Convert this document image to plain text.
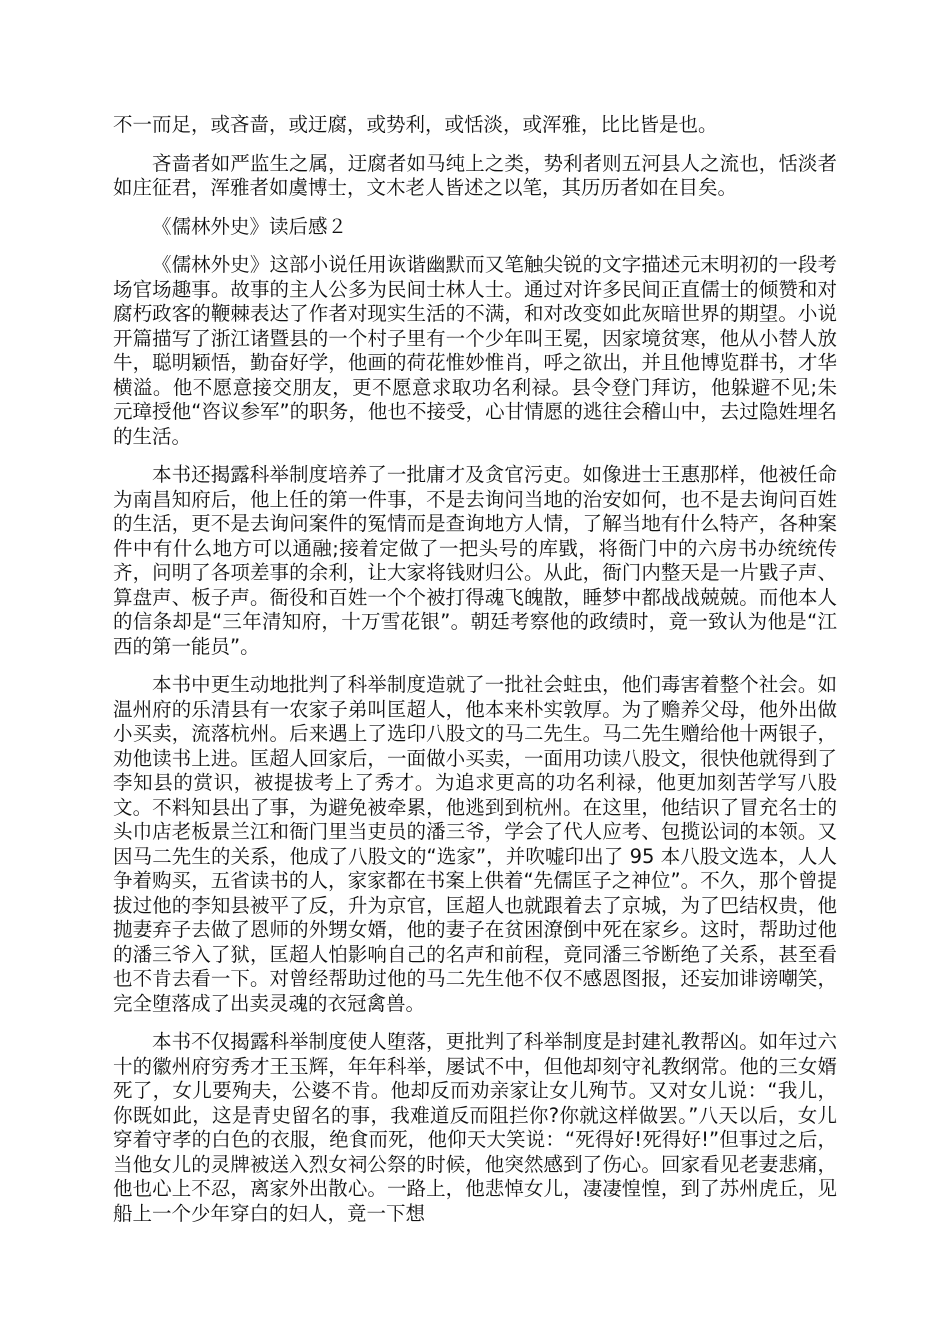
不一而足，或吝啬，或迂腐，或势利，或恬淡，或浑雅，比比皆是也。

吝啬者如严监生之属，迂腐者如马纯上之类，势利者则五河县人之流也，恬淡者如庄征君，浑雅者如虞博士，文木老人皆述之以笔，其历历者如在目矣。

《儒林外史》读后感２

《儒林外史》这部小说任用诙谐幽默而又笔触尖锐的文字描述元末明初的一段考场官场趣事。故事的主人公多为民间士林人士。通过对许多民间正直儒士的倾赞和对腐朽政客的鞭棘表达了作者对现实生活的不满，和对改变如此灰暗世界的期望。小说开篇描写了浙江诸暨县的一个村子里有一个少年叫王冕，因家境贫寒，他从小替人放牛，聪明颖悟，勤奋好学，他画的荷花惟妙惟肖，呼之欲出，并且他博览群书，才华横溢。他不愿意接交朋友，更不愿意求取功名利禄。县令登门拜访，他躲避不见;朱元璋授他“咨议参军”的职务，他也不接受，心甘情愿的逃往会稽山中，去过隐姓埋名的生活。

本书还揭露科举制度培养了一批庸才及贪官污吏。如像进士王惠那样，他被任命为南昌知府后，他上任的第一件事，不是去询问当地的治安如何，也不是去询问百姓的生活，更不是去询问案件的冤情而是查询地方人情，了解当地有什么特产，各种案件中有什么地方可以通融;接着定做了一把头号的库戥，将衙门中的六房书办统统传齐，问明了各项差事的余利，让大家将钱财归公。从此，衙门内整天是一片戥子声、算盘声、板子声。衙役和百姓一个个被打得魂飞魄散，睡梦中都战战兢兢。而他本人的信条却是“三年清知府，十万雪花银”。朝廷考察他的政绩时，竟一致认为他是“江西的第一能员”。

本书中更生动地批判了科举制度造就了一批社会蛀虫，他们毒害着整个社会。如温州府的乐清县有一农家子弟叫匡超人，他本来朴实敦厚。为了赡养父母，他外出做小买卖，流落杭州。后来遇上了选印八股文的马二先生。马二先生赠给他十两银子，劝他读书上进。匡超人回家后，一面做小买卖，一面用功读八股文，很快他就得到了李知县的赏识，被提拔考上了秀才。为追求更高的功名利禄，他更加刻苦学写八股文。不料知县出了事，为避免被牵累，他逃到到杭州。在这里，他结识了冒充名士的头巾店老板景兰江和衙门里当吏员的潘三爷，学会了代人应考、包揽讼词的本领。又因马二先生的关系，他成了八股文的“选家”，并吹嘘印出了 95 本八股文选本，人人争着购买，五省读书的人，家家都在书案上供着“先儒匡子之神位”。不久，那个曾提拔过他的李知县被平了反，升为京官，匡超人也就跟着去了京城，为了巴结权贵，他抛妻弃子去做了恩师的外甥女婿，他的妻子在贫困潦倒中死在家乡。这时，帮助过他的潘三爷入了狱，匡超人怕影响自己的名声和前程，竟同潘三爷断绝了关系，甚至看也不肯去看一下。对曾经帮助过他的马二先生他不仅不感恩图报，还妄加诽谤嘲笑，完全堕落成了出卖灵魂的衣冠禽兽。

本书不仅揭露科举制度使人堕落，更批判了科举制度是封建礼教帮凶。如年过六十的徽州府穷秀才王玉辉，年年科举，屡试不中，但他却刻守礼教纲常。他的三女婿死了，女儿要殉夫，公婆不肯。他却反而劝亲家让女儿殉节。又对女儿说：“我儿，你既如此，这是青史留名的事，我难道反而阻拦你?你就这样做罢。”八天以后，女儿穿着守孝的白色的衣服，绝食而死，他仰天大笑说：“死得好!死得好!”但事过之后，当他女儿的灵牌被送入烈女祠公祭的时候，他突然感到了伤心。回家看见老妻悲痛，他也心上不忍，离家外出散心。一路上，他悲悼女儿，凄凄惶惶，到了苏州虎丘，见船上一个少年穿白的妇人，竟一下想
